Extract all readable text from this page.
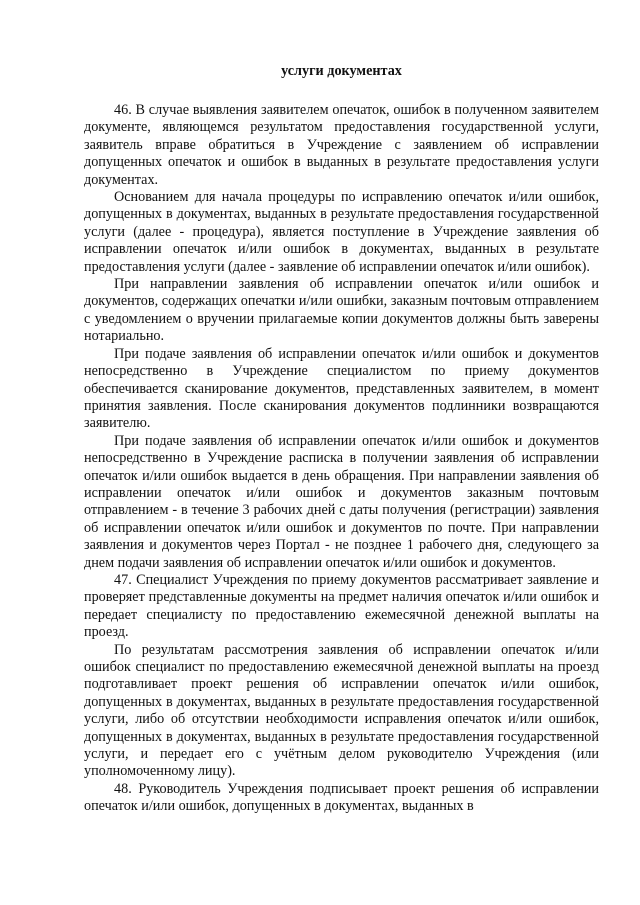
услуги документах

46. В случае выявления заявителем опечаток, ошибок в полученном заявителем документе, являющемся результатом предоставления государственной услуги, заявитель вправе обратиться в Учреждение с заявлением об исправлении допущенных опечаток и ошибок в выданных в результате предоставления услуги документах.

Основанием для начала процедуры по исправлению опечаток и/или ошибок, допущенных в документах, выданных в результате предоставления государственной услуги (далее - процедура), является поступление в Учреждение заявления об исправлении опечаток и/или ошибок в документах, выданных в результате предоставления услуги (далее - заявление об исправлении опечаток и/или ошибок).

При направлении заявления об исправлении опечаток и/или ошибок и документов, содержащих опечатки и/или ошибки, заказным почтовым отправлением с уведомлением о вручении прилагаемые копии документов должны быть заверены нотариально.

При подаче заявления об исправлении опечаток и/или ошибок и документов непосредственно в Учреждение специалистом по приему документов обеспечивается сканирование документов, представленных заявителем, в момент принятия заявления. После сканирования документов подлинники возвращаются заявителю.

При подаче заявления об исправлении опечаток и/или ошибок и документов непосредственно в Учреждение расписка в получении заявления об исправлении опечаток и/или ошибок выдается в день обращения. При направлении заявления об исправлении опечаток и/или ошибок и документов заказным почтовым отправлением - в течение 3 рабочих дней с даты получения (регистрации) заявления об исправлении опечаток и/или ошибок и документов по почте. При направлении заявления и документов через Портал - не позднее 1 рабочего дня, следующего за днем подачи заявления об исправлении опечаток и/или ошибок и документов.

47. Специалист Учреждения по приему документов рассматривает заявление и проверяет представленные документы на предмет наличия опечаток и/или ошибок и передает специалисту по предоставлению ежемесячной денежной выплаты на проезд.

По результатам рассмотрения заявления об исправлении опечаток и/или ошибок специалист по предоставлению ежемесячной денежной выплаты на проезд подготавливает проект решения об исправлении опечаток и/или ошибок, допущенных в документах, выданных в результате предоставления государственной услуги, либо об отсутствии необходимости исправления опечаток и/или ошибок, допущенных в документах, выданных в результате предоставления государственной услуги, и передает его с учётным делом руководителю Учреждения (или уполномоченному лицу).

48. Руководитель Учреждения подписывает проект решения об исправлении опечаток и/или ошибок, допущенных в документах, выданных в
